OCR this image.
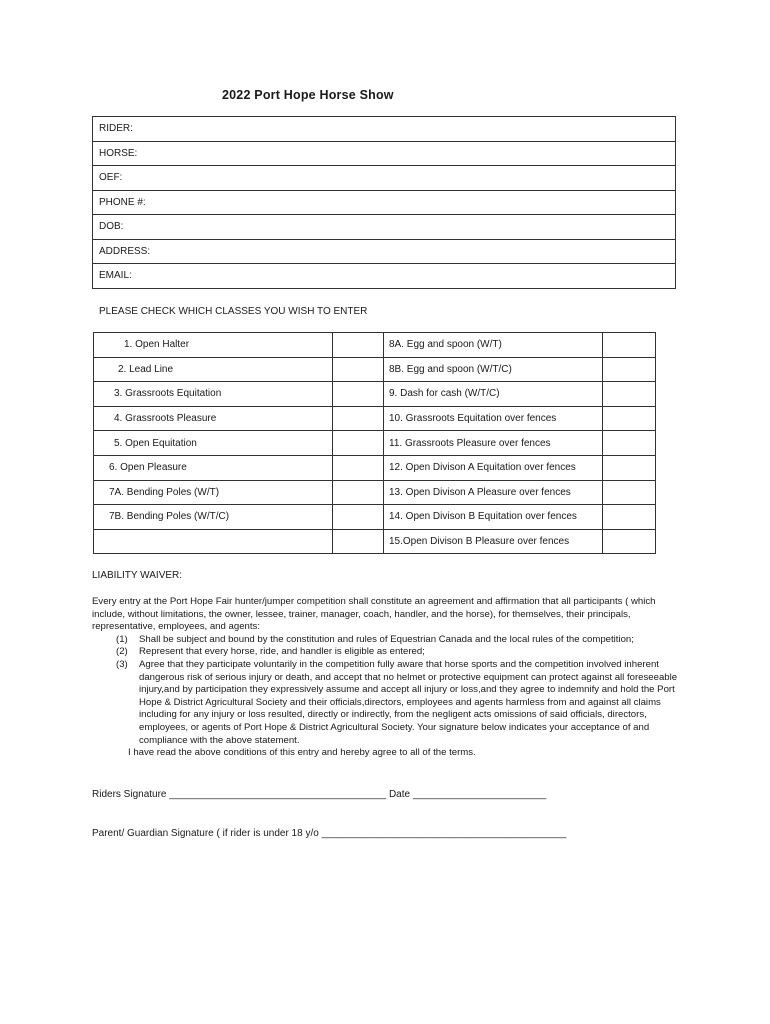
2022 Port Hope Horse Show
RIDER:
HORSE:
OEF:
PHONE #:
DOB:
ADDRESS:
EMAIL:
PLEASE CHECK WHICH CLASSES YOU WISH TO ENTER
1. Open Halter		8A. Egg and spoon (W/T)	
2. Lead Line		8B. Egg and spoon (W/T/C)	
3. Grassroots Equitation		9. Dash for cash (W/T/C)	
4. Grassroots Pleasure		10. Grassroots Equitation over fences	
5. Open Equitation		11. Grassroots Pleasure over fences	
6. Open Pleasure		12. Open Divison A Equitation over fences	
7A. Bending Poles (W/T)		13. Open Divison A Pleasure over fences	
7B. Bending Poles (W/T/C)		14. Open Divison B Equitation over fences	
		15.Open Divison B Pleasure over fences	
LIABILITY WAIVER:

Every entry at the Port Hope Fair hunter/jumper competition shall constitute an agreement and affirmation that all participants ( which include, without limitations, the owner, lessee, trainer, manager, coach, handler, and the horse), for themselves, their principals, representative, employees, and agents:

(1) Shall be subject and bound by the constitution and rules of Equestrian Canada and the local rules of the competition;
(2) Represent that every horse, ride, and handler is eligible as entered;
(3) Agree that they participate voluntarily in the competition fully aware that horse sports and the competition involved inherent dangerous risk of serious injury or death, and accept that no helmet or protective equipment can protect against all foreseeable injury,and by participation they expressively assume and accept all injury or loss,and they agree to indemnify and hold the Port Hope & District Agricultural Society and their officials,directors, employees and agents harmless from and against all claims including for any injury or loss resulted, directly or indirectly, from the negligent acts omissions of said officials, directors, employees, or agents of Port Hope & District Agricultural Society. Your signature below indicates your acceptance of and compliance with the above statement.

I have read the above conditions of this entry and hereby agree to all of the terms.

Riders Signature _______________________________________ Date ________________________
Parent/ Guardian Signature ( if rider is under 18 y/o ____________________________________________
